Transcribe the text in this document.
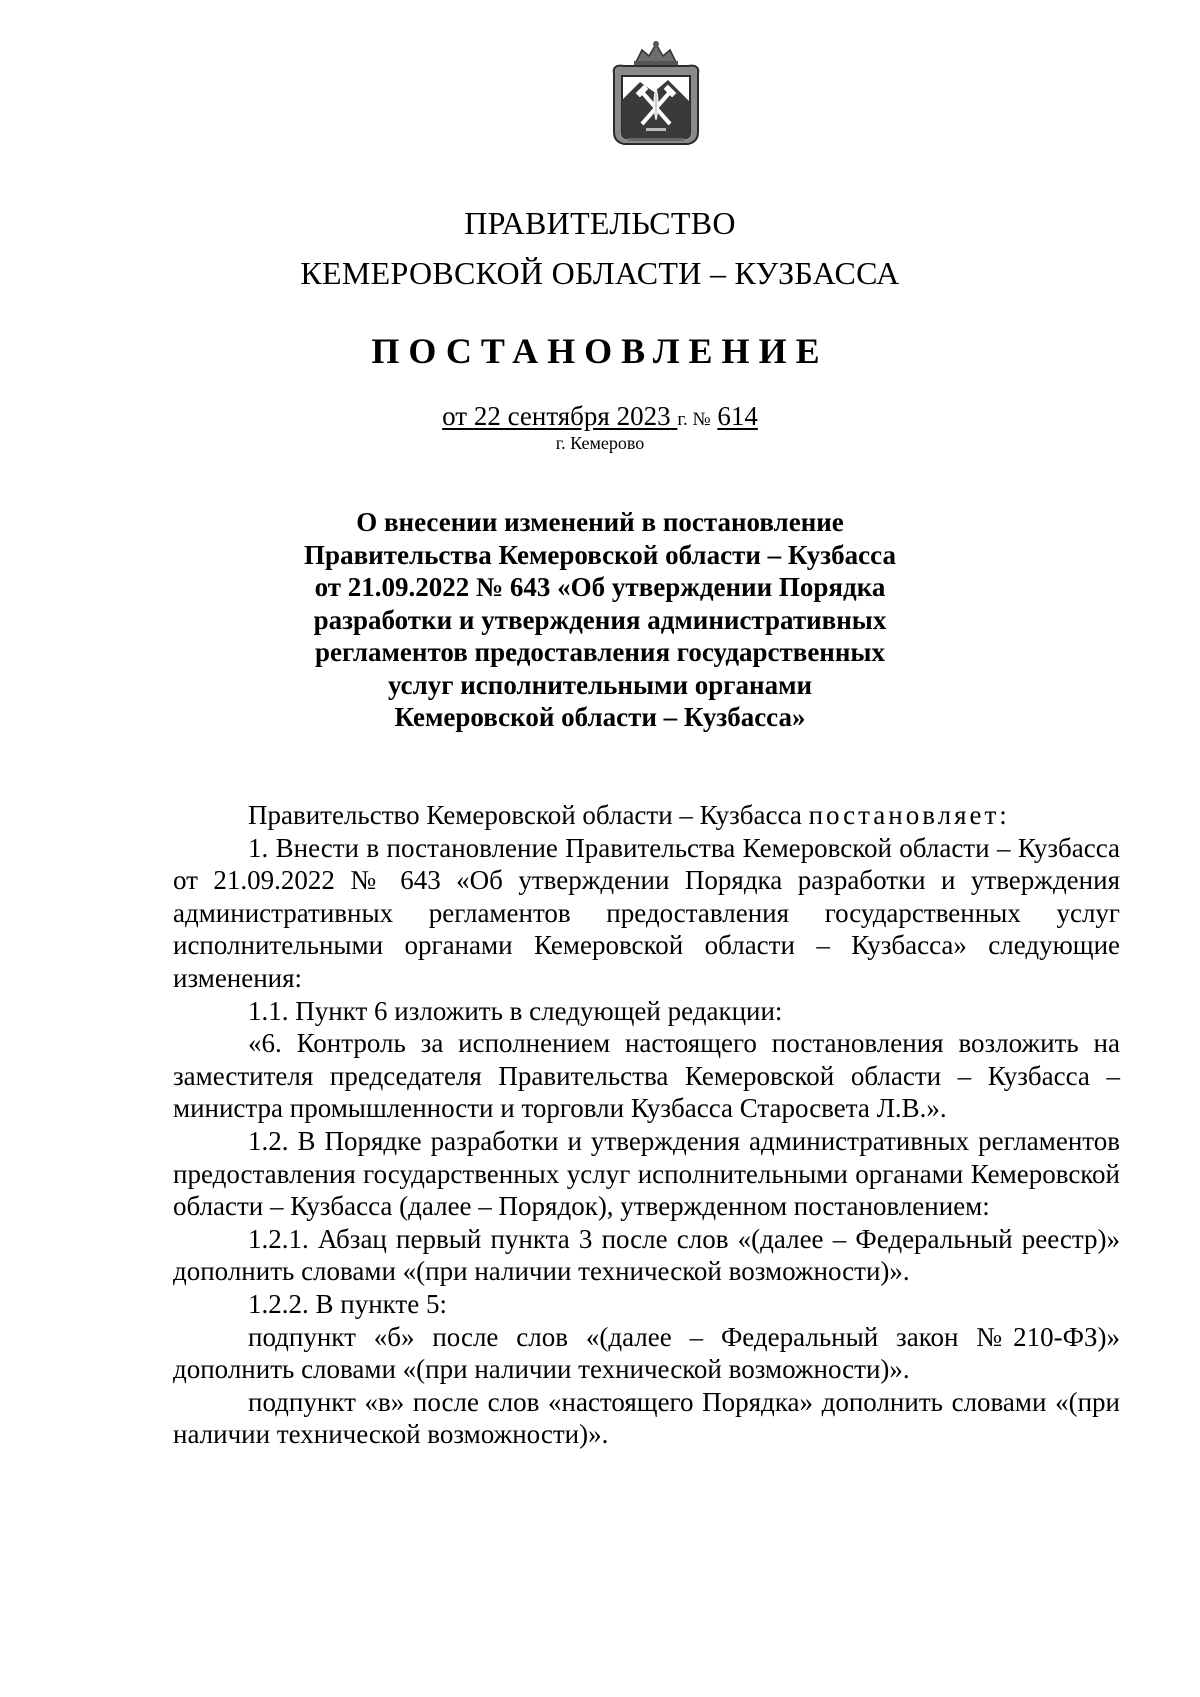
ПРАВИТЕЛЬСТВО
КЕМЕРОВСКОЙ ОБЛАСТИ – КУЗБАССА
ПОСТАНОВЛЕНИЕ
от 22 сентября 2023 г. № 614
г. Кемерово
О внесении изменений в постановление
Правительства Кемеровской области – Кузбасса
от 21.09.2022 № 643 «Об утверждении Порядка
разработки и утверждения административных
регламентов предоставления государственных
услуг исполнительными органами
Кемеровской области – Кузбасса»

Правительство Кемеровской области – Кузбасса постановляет:

1. Внести в постановление Правительства Кемеровской области – Кузбасса от 21.09.2022 № 643 «Об утверждении Порядка разработки и утверждения административных регламентов предоставления государственных услуг исполнительными органами Кемеровской области – Кузбасса» следующие изменения:

1.1. Пункт 6 изложить в следующей редакции:

«6. Контроль за исполнением настоящего постановления возложить на заместителя председателя Правительства Кемеровской области – Кузбасса – министра промышленности и торговли Кузбасса Старосвета Л.В.».

1.2. В Порядке разработки и утверждения административных регламентов предоставления государственных услуг исполнительными органами Кемеровской области – Кузбасса (далее – Порядок), утвержденном постановлением:

1.2.1. Абзац первый пункта 3 после слов «(далее – Федеральный реестр)» дополнить словами «(при наличии технической возможности)».

1.2.2. В пункте 5:

подпункт «б» после слов «(далее – Федеральный закон №210-ФЗ)» дополнить словами «(при наличии технической возможности)».

подпункт «в» после слов «настоящего Порядка» дополнить словами «(при наличии технической возможности)».
